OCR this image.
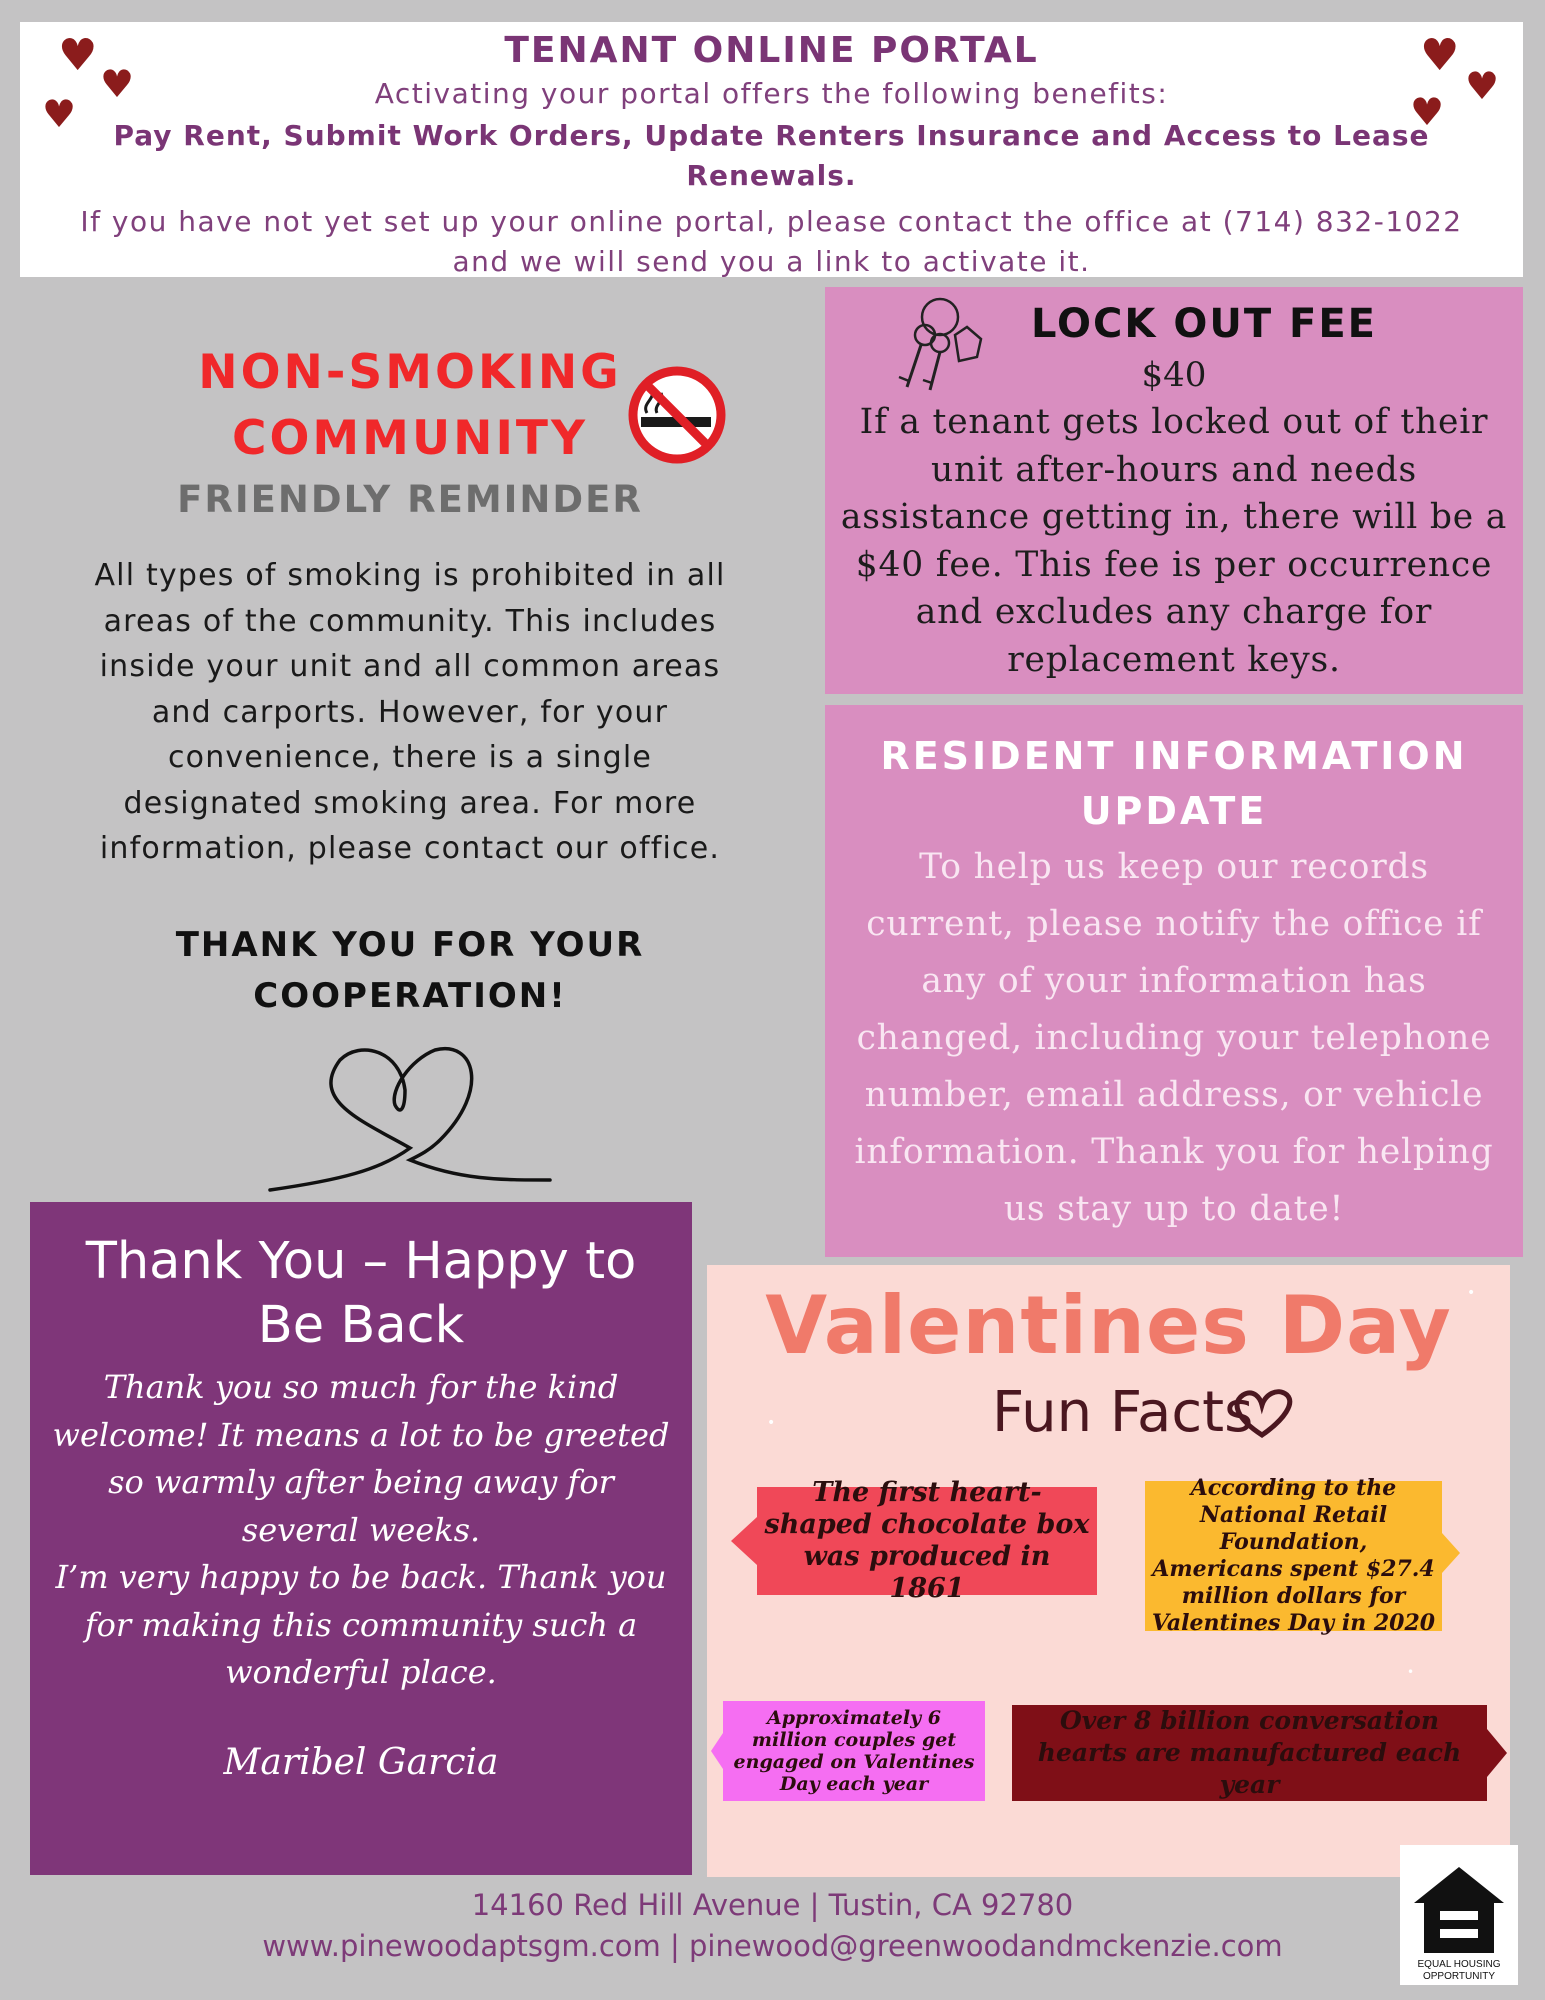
TENANT ONLINE PORTAL
Activating your portal offers the following benefits:
Pay Rent, Submit Work Orders, Update Renters Insurance and Access to Lease Renewals.
If you have not yet set up your online portal, please contact the office at (714) 832-1022 and we will send you a link to activate it.
♥
♥
♥
♥
♥
♥
NON-SMOKING
COMMUNITY
FRIENDLY REMINDER
All types of smoking is prohibited in all areas of the community. This includes inside your unit and all common areas and carports. However, for your convenience, there is a single designated smoking area. For more information, please contact our office.
THANK YOU FOR YOUR COOPERATION!
LOCK OUT FEE
$40
If a tenant gets locked out of their unit after-hours and needs assistance getting in, there will be a $40 fee. This fee is per occurrence and excludes any charge for replacement keys.
RESIDENT INFORMATION UPDATE
To help us keep our records current, please notify the office if any of your information has changed, including your telephone number, email address, or vehicle information. Thank you for helping us stay up to date!
Thank You – Happy to Be Back
Thank you so much for the kind welcome! It means a lot to be greeted so warmly after being away for several weeks.
I’m very happy to be back. Thank you for making this community such a wonderful place.
Maribel Garcia
Valentines Day
Fun Facts
The first heart-shaped chocolate box was produced in 1861
According to the National Retail Foundation, Americans spent $27.4 million dollars for Valentines Day in 2020
Approximately 6 million couples get engaged on Valentines Day each year
Over 8 billion conversation hearts are manufactured each year
•
•
•
14160 Red Hill Avenue | Tustin, CA 92780
www.pinewoodaptsgm.com | pinewood@greenwoodandmckenzie.com
EQUAL HOUSING
OPPORTUNITY
